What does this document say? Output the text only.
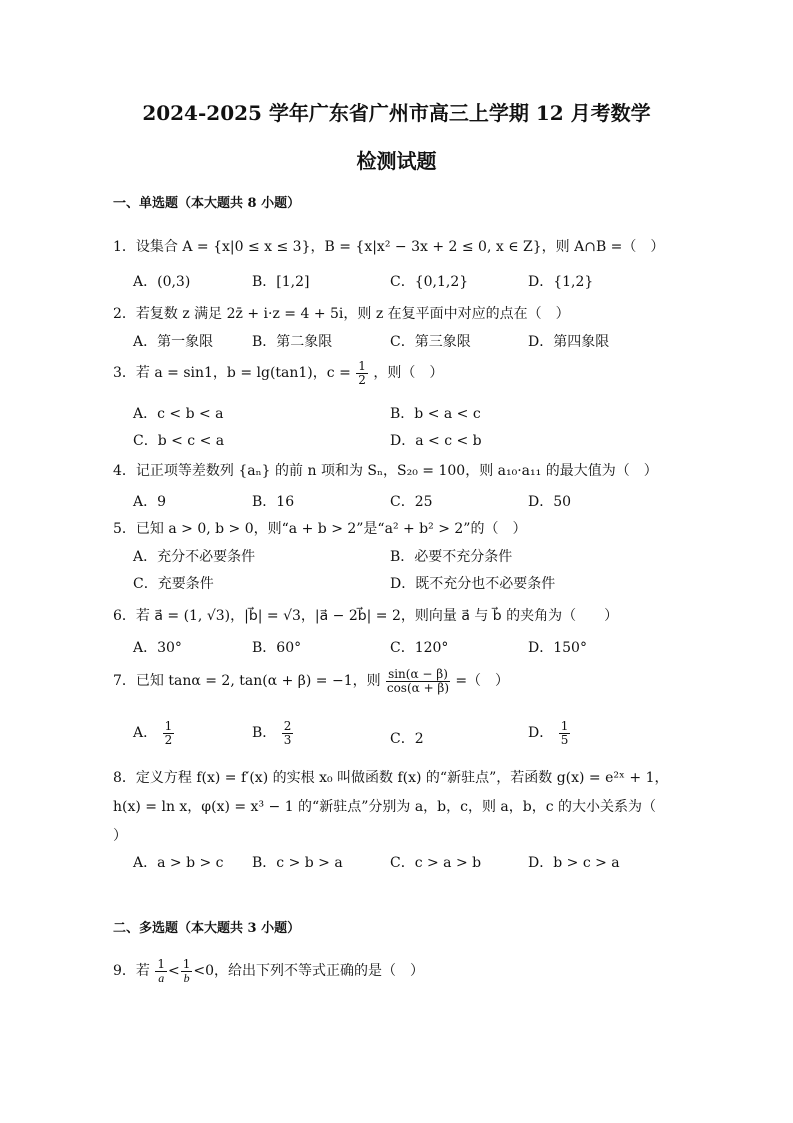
2024-2025 学年广东省广州市高三上学期 12 月考数学
检测试题
一、单选题（本大题共 8 小题）
1．设集合 A = {x|0 ≤ x ≤ 3}，B = {x|x² − 3x + 2 ≤ 0, x ∈ Z}，则 A∩B =（　）
A．(0,3)	B．[1,2]	C．{0,1,2}	D．{1,2}
2．若复数 z 满足 2z̄ + i·z = 4 + 5i，则 z 在复平面中对应的点在（　）
A．第一象限	B．第二象限	C．第三象限	D．第四象限
3．若 a = sin1，b = lg(tan1)，$c = \frac{1}{2}$ ，则（　）
A．c < b < a	B．b < a < c
C．b < c < a	D．a < c < b
4．记正项等差数列 {aₙ} 的前 n 项和为 Sₙ，S₂₀ = 100，则 a₁₀·a₁₁ 的最大值为（　）
A．9	B．16	C．25	D．50
5．已知 a > 0, b > 0，则“a + b > 2”是“a² + b² > 2”的（　）
A．充分不必要条件	B．必要不充分条件
C．充要条件	D．既不充分也不必要条件
6．若 a⃗ = (1, √3)，|b⃗| = √3，|a⃗ − 2b⃗| = 2，则向量 a⃗ 与 b⃗ 的夹角为（　　）
A．30°	B．60°	C．120°	D．150°
7．已知 tanα = 2, tan(α + β) = −1，则 $\frac{\sin(\alpha - \beta)}{\cos(\alpha + \beta)}$ =（　）
A． $\frac{1}{2}$	B． $\frac{2}{3}$	C．2	D． $\frac{1}{5}$
8．定义方程 f(x) = f′(x) 的实根 x₀ 叫做函数 f(x) 的“新驻点”，若函数 g(x) = e²ˣ + 1，
h(x) = ln x，φ(x) = x³ − 1 的“新驻点”分别为 a，b，c，则 a，b，c 的大小关系为（
）
A．a > b > c B．c > b > a	C．c > a > b	D．b > c > a
二、多选题（本大题共 3 小题）
9．若 $\frac{1}{a} < \frac{1}{b} <0$，给出下列不等式正确的是（　）
